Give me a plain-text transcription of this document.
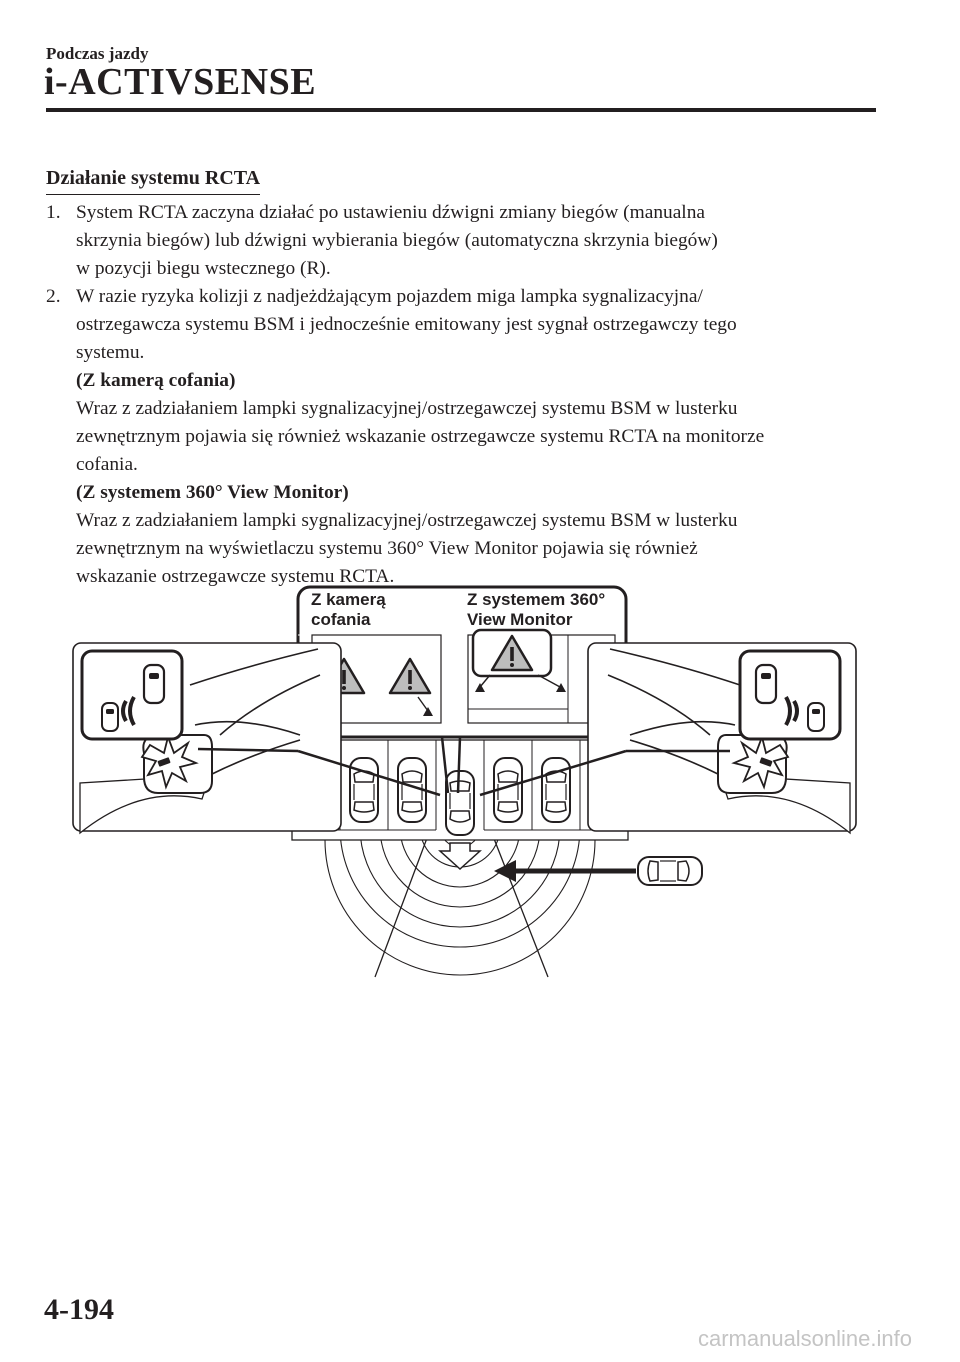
Podczas jazdy
i-ACTIVSENSE
Działanie systemu RCTA
1. System RCTA zaczyna działać po ustawieniu dźwigni zmiany biegów (manualna
skrzynia biegów) lub dźwigni wybierania biegów (automatyczna skrzynia biegów)
w pozycji biegu wstecznego (R).
2. W razie ryzyka kolizji z nadjeżdżającym pojazdem miga lampka sygnalizacyjna/
ostrzegawcza systemu BSM i jednocześnie emitowany jest sygnał ostrzegawczy tego
systemu.
(Z kamerą cofania)
Wraz z zadziałaniem lampki sygnalizacyjnej/ostrzegawczej systemu BSM w lusterku
zewnętrznym pojawia się również wskazanie ostrzegawcze systemu RCTA na monitorze
cofania.
(Z systemem 360° View Monitor)
Wraz z zadziałaniem lampki sygnalizacyjnej/ostrzegawczej systemu BSM w lusterku
zewnętrznym na wyświetlaczu systemu 360° View Monitor pojawia się również
wskazanie ostrzegawcze systemu RCTA.
Z kamerą
cofania
Z systemem 360°
View Monitor
4-194
carmanualsonline.info
